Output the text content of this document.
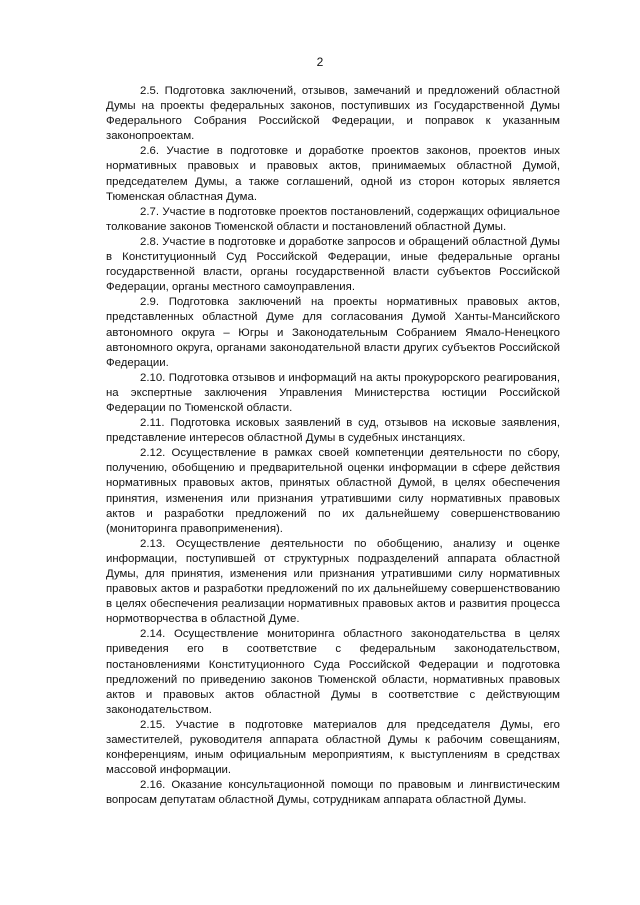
2

2.5. Подготовка заключений, отзывов, замечаний и предложений областной Думы на проекты федеральных законов, поступивших из Государственной Думы Федерального Собрания Российской Федерации, и поправок к указанным законопроектам.

2.6. Участие в подготовке и доработке проектов законов, проектов иных нормативных правовых и правовых актов, принимаемых областной Думой, председателем Думы, а также соглашений, одной из сторон которых является Тюменская областная Дума.

2.7. Участие в подготовке проектов постановлений, содержащих официальное толкование законов Тюменской области и постановлений областной Думы.

2.8. Участие в подготовке и доработке запросов и обращений областной Думы в Конституционный Суд Российской Федерации, иные федеральные органы государственной власти, органы государственной власти субъектов Российской Федерации, органы местного самоуправления.

2.9. Подготовка заключений на проекты нормативных правовых актов, представленных областной Думе для согласования Думой Ханты-Мансийского автономного округа – Югры и Законодательным Собранием Ямало-Ненецкого автономного округа, органами законодательной власти других субъектов Российской Федерации.

2.10. Подготовка отзывов и информаций на акты прокурорского реагирования, на экспертные заключения Управления Министерства юстиции Российской Федерации по Тюменской области.

2.11. Подготовка исковых заявлений в суд, отзывов на исковые заявления, представление интересов областной Думы в судебных инстанциях.

2.12. Осуществление в рамках своей компетенции деятельности по сбору, получению, обобщению и предварительной оценки информации в сфере действия нормативных правовых актов, принятых областной Думой, в целях обеспечения принятия, изменения или признания утратившими силу нормативных правовых актов и разработки предложений по их дальнейшему совершенствованию (мониторинга правоприменения).

2.13. Осуществление деятельности по обобщению, анализу и оценке информации, поступившей от структурных подразделений аппарата областной Думы, для принятия, изменения или признания утратившими силу нормативных правовых актов и разработки предложений по их дальнейшему совершенствованию в целях обеспечения реализации нормативных правовых актов и развития процесса нормотворчества в областной Думе.

2.14. Осуществление мониторинга областного законодательства в целях приведения его в соответствие с федеральным законодательством, постановлениями Конституционного Суда Российской Федерации и подготовка предложений по приведению законов Тюменской области, нормативных правовых актов и правовых актов областной Думы в соответствие с действующим законодательством.

2.15. Участие в подготовке материалов для председателя Думы, его заместителей, руководителя аппарата областной Думы к рабочим совещаниям, конференциям, иным официальным мероприятиям, к выступлениям в средствах массовой информации.

2.16. Оказание консультационной помощи по правовым и лингвистическим вопросам депутатам областной Думы, сотрудникам аппарата областной Думы.
